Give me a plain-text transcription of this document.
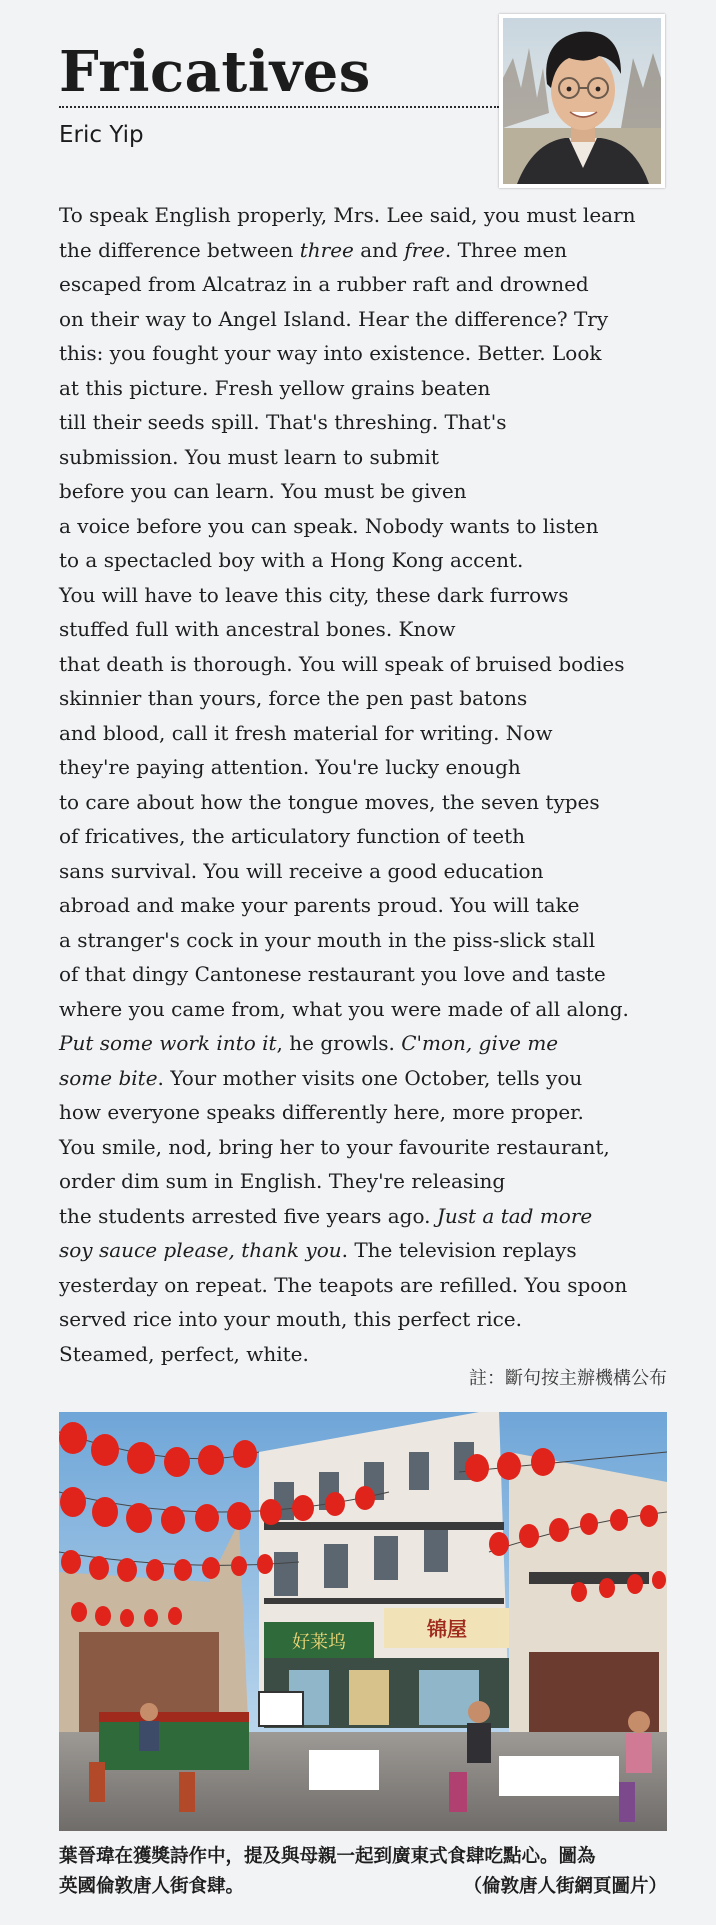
Fricatives
Eric Yip
To speak English properly, Mrs. Lee said, you must learn
the difference between three and free. Three men
escaped from Alcatraz in a rubber raft and drowned
on their way to Angel Island. Hear the difference? Try
this: you fought your way into existence. Better. Look
at this picture. Fresh yellow grains beaten
till their seeds spill. That's threshing. That's
submission. You must learn to submit
before you can learn. You must be given
a voice before you can speak. Nobody wants to listen
to a spectacled boy with a Hong Kong accent.
You will have to leave this city, these dark furrows
stuffed full with ancestral bones. Know
that death is thorough. You will speak of bruised bodies
skinnier than yours, force the pen past batons
and blood, call it fresh material for writing. Now
they're paying attention. You're lucky enough
to care about how the tongue moves, the seven types
of fricatives, the articulatory function of teeth
sans survival. You will receive a good education
abroad and make your parents proud. You will take
a stranger's cock in your mouth in the piss-slick stall
of that dingy Cantonese restaurant you love and taste
where you came from, what you were made of all along.
Put some work into it, he growls. C'mon, give me
some bite. Your mother visits one October, tells you
how everyone speaks differently here, more proper.
You smile, nod, bring her to your favourite restaurant,
order dim sum in English. They're releasing
the students arrested five years ago. Just a tad more
soy sauce please, thank you. The television replays
yesterday on repeat. The teapots are refilled. You spoon
served rice into your mouth, this perfect rice.
Steamed, perfect, white.
註：斷句按主辦機構公布
好莱坞
锦屋
葉晉瑋在獲獎詩作中，提及與母親一起到廣東式食肆吃點心。圖為
英國倫敦唐人街食肆。	（倫敦唐人街網頁圖片）
